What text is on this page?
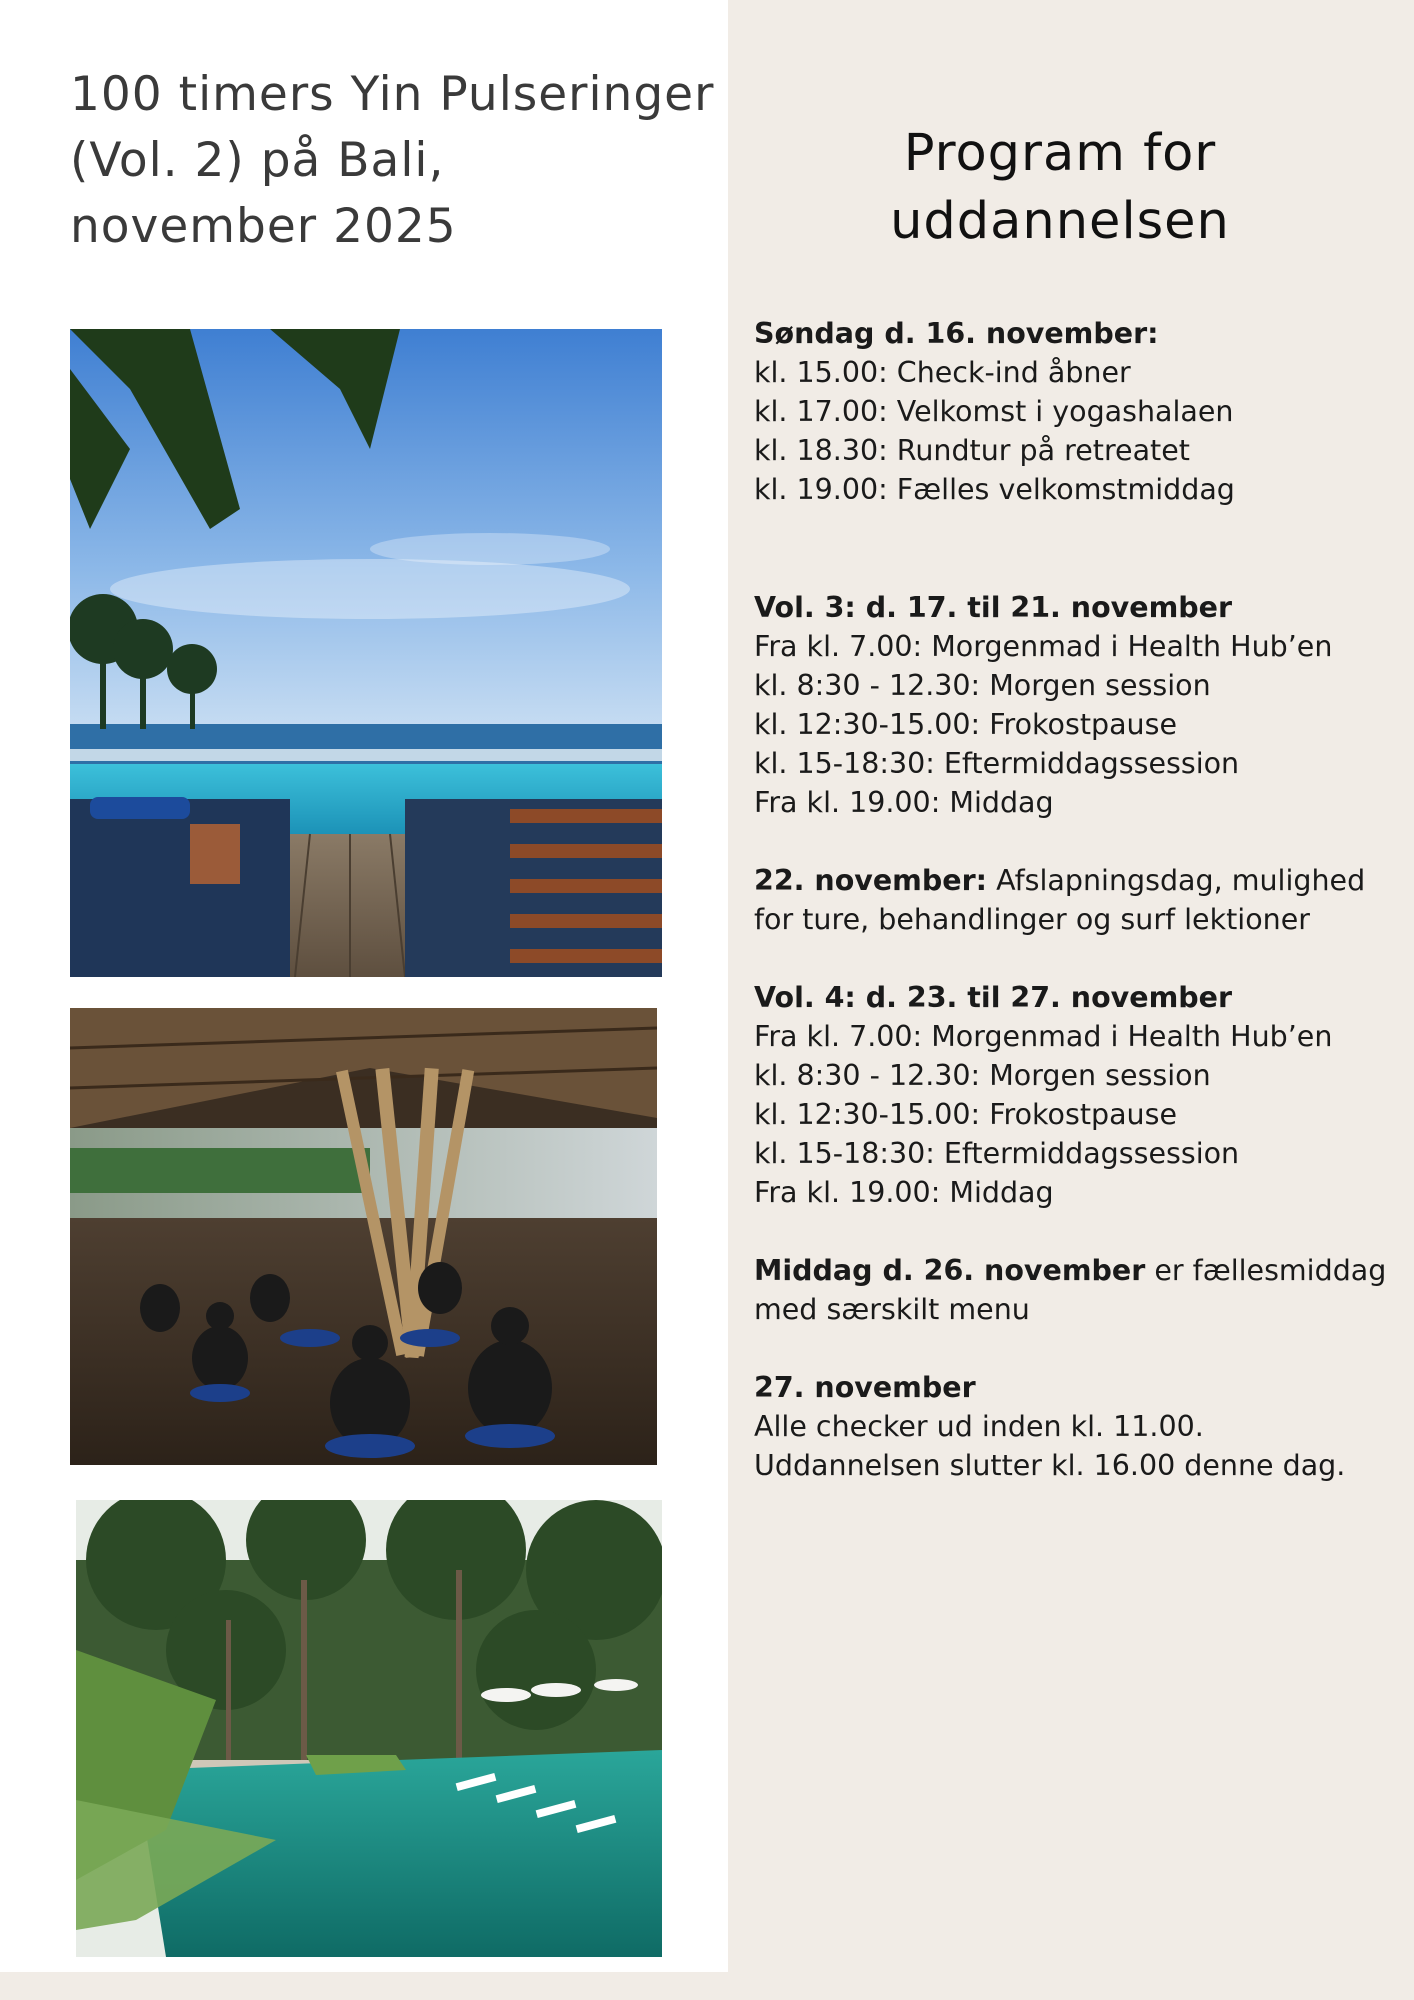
100 timers Yin Pulseringer
(Vol. 2) på Bali,
november 2025
Program for
uddannelsen
Søndag d. 16. november:
kl. 15.00: Check-ind åbner
kl. 17.00: Velkomst i yogashalaen
kl. 18.30: Rundtur på retreatet
kl. 19.00: Fælles velkomstmiddag
Vol. 3: d. 17. til 21. november
Fra kl. 7.00: Morgenmad i Health Hub’en
kl. 8:30 - 12.30: Morgen session
kl. 12:30-15.00: Frokostpause
kl. 15-18:30: Eftermiddagssession
Fra kl. 19.00: Middag
22. november: Afslapningsdag, mulighed
for ture, behandlinger og surf lektioner
Vol. 4: d. 23. til 27. november
Fra kl. 7.00: Morgenmad i Health Hub’en
kl. 8:30 - 12.30: Morgen session
kl. 12:30-15.00: Frokostpause
kl. 15-18:30: Eftermiddagssession
Fra kl. 19.00: Middag
Middag d. 26. november er fællesmiddag
med særskilt menu
27. november
Alle checker ud inden kl. 11.00.
Uddannelsen slutter kl. 16.00 denne dag.
